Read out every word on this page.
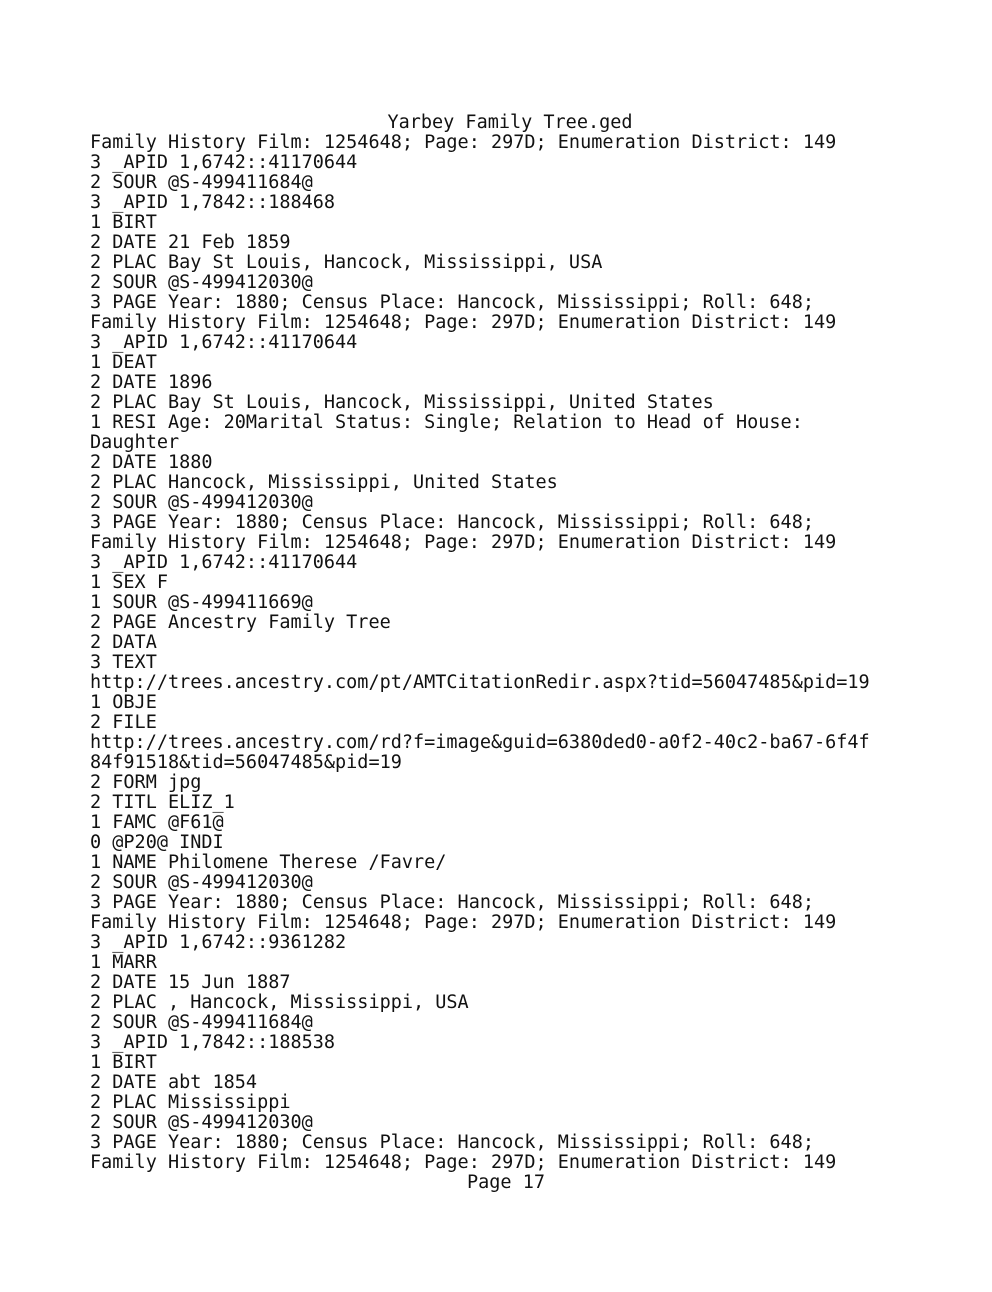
Yarbey Family Tree.ged
Family History Film: 1254648; Page: 297D; Enumeration District: 149
3 _APID 1,6742::41170644
2 SOUR @S-499411684@
3 _APID 1,7842::188468
1 BIRT
2 DATE 21 Feb 1859
2 PLAC Bay St Louis, Hancock, Mississippi, USA
2 SOUR @S-499412030@
3 PAGE Year: 1880; Census Place: Hancock, Mississippi; Roll: 648;
Family History Film: 1254648; Page: 297D; Enumeration District: 149
3 _APID 1,6742::41170644
1 DEAT
2 DATE 1896
2 PLAC Bay St Louis, Hancock, Mississippi, United States
1 RESI Age: 20Marital Status: Single; Relation to Head of House:
Daughter
2 DATE 1880
2 PLAC Hancock, Mississippi, United States
2 SOUR @S-499412030@
3 PAGE Year: 1880; Census Place: Hancock, Mississippi; Roll: 648;
Family History Film: 1254648; Page: 297D; Enumeration District: 149
3 _APID 1,6742::41170644
1 SEX F
1 SOUR @S-499411669@
2 PAGE Ancestry Family Tree
2 DATA
3 TEXT
http://trees.ancestry.com/pt/AMTCitationRedir.aspx?tid=56047485&pid=19
1 OBJE
2 FILE
http://trees.ancestry.com/rd?f=image&guid=6380ded0-a0f2-40c2-ba67-6f4f
84f91518&tid=56047485&pid=19
2 FORM jpg
2 TITL ELIZ_1
1 FAMC @F61@
0 @P20@ INDI
1 NAME Philomene Therese /Favre/
2 SOUR @S-499412030@
3 PAGE Year: 1880; Census Place: Hancock, Mississippi; Roll: 648;
Family History Film: 1254648; Page: 297D; Enumeration District: 149
3 _APID 1,6742::9361282
1 MARR
2 DATE 15 Jun 1887
2 PLAC , Hancock, Mississippi, USA
2 SOUR @S-499411684@
3 _APID 1,7842::188538
1 BIRT
2 DATE abt 1854
2 PLAC Mississippi
2 SOUR @S-499412030@
3 PAGE Year: 1880; Census Place: Hancock, Mississippi; Roll: 648;
Family History Film: 1254648; Page: 297D; Enumeration District: 149
Page 17
